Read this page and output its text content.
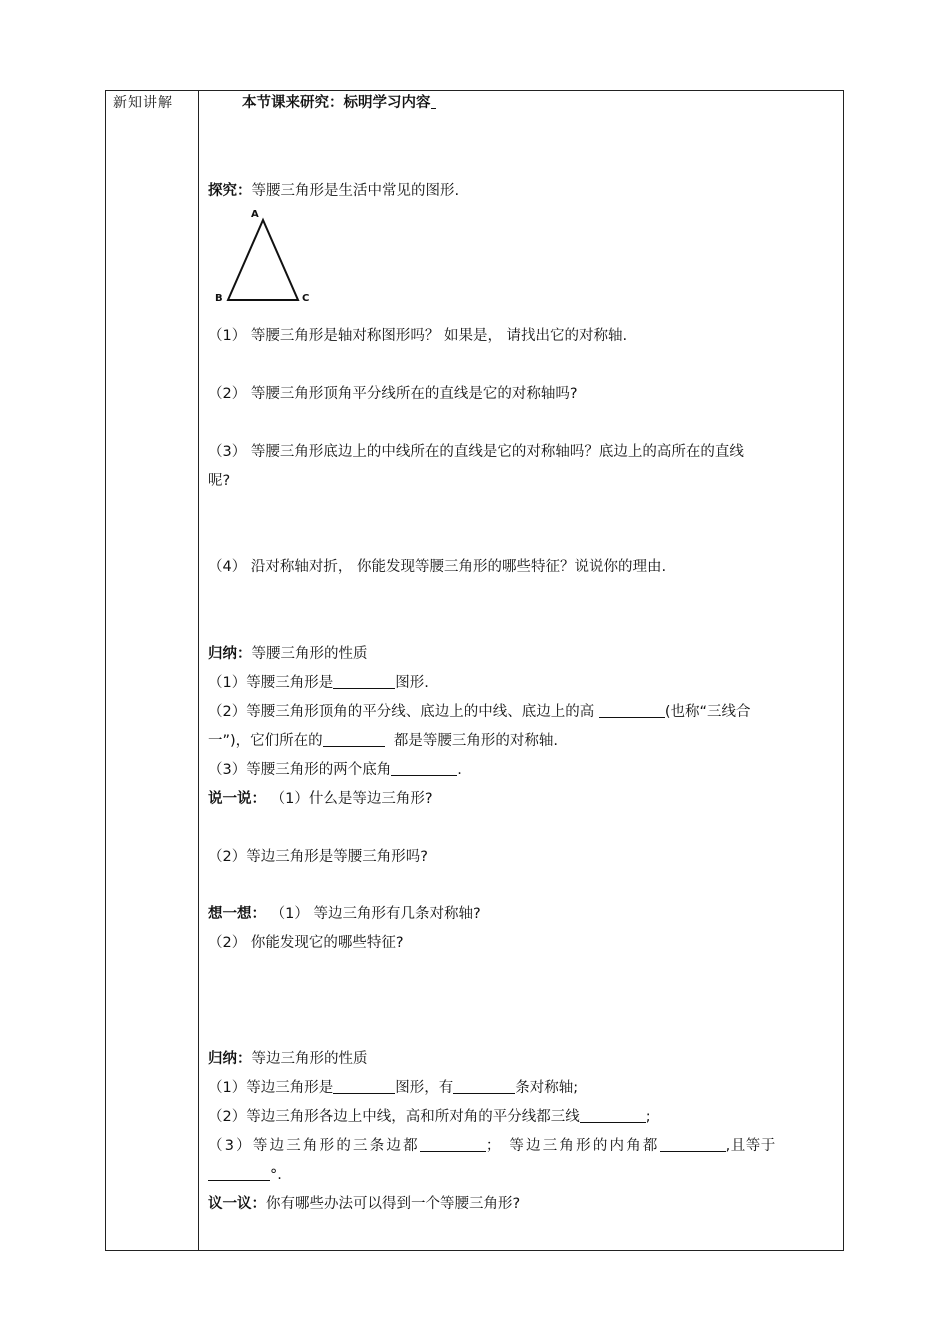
新知讲解	本节课来研究：标明学习内容
探究：等腰三角形是生活中常见的图形.
A
B	C
（1） 等腰三角形是轴对称图形吗？ 如果是， 请找出它的对称轴.
（2） 等腰三角形顶角平分线所在的直线是它的对称轴吗?
（3） 等腰三角形底边上的中线所在的直线是它的对称轴吗？底边上的高所在的直线
呢?
（4） 沿对称轴对折， 你能发现等腰三角形的哪些特征？说说你的理由.
归纳：等腰三角形的性质
（1）等腰三角形是	图形.
（2）等腰三角形顶角的平分线、底边上的中线、底边上的高	(也称“三线合
一”)，它们所在的	都是等腰三角形的对称轴.
（3）等腰三角形的两个底角	.
说一说： （1）什么是等边三角形?
（2）等边三角形是等腰三角形吗?
想一想： （1） 等边三角形有几条对称轴?
（2） 你能发现它的哪些特征?
归纳：等边三角形的性质
（1）等边三角形是	图形，有	条对称轴;
（2）等边三角形各边上中线，高和所对角的平分线都三线	;
（3）等边三角形的三条边都	； 等边三角形的内角都	,且等于
°.
议一议：你有哪些办法可以得到一个等腰三角形?
